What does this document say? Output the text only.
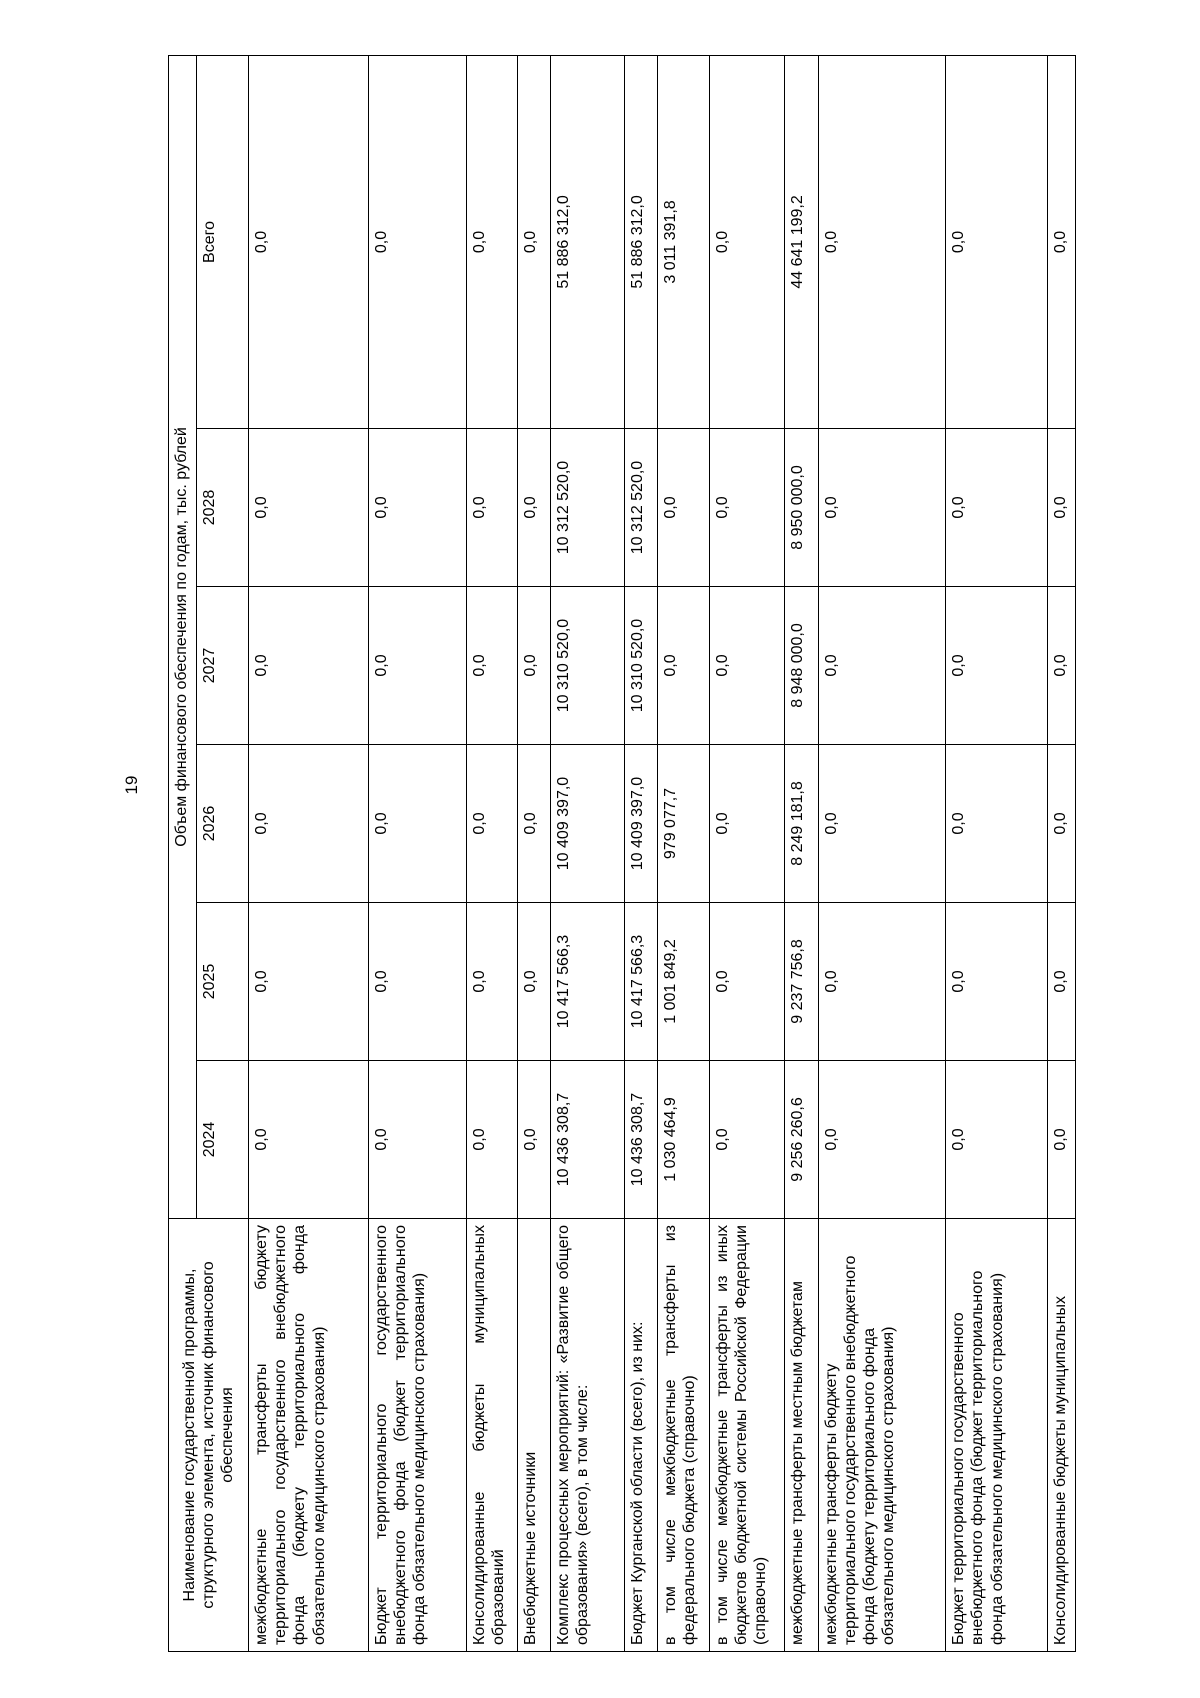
19
Наименование государственной программы, структурного элемента, источник финансового обеспечения	Объем финансового обеспечения по годам, тыс. рублей					
	2024	2025	2026	2027	2028	Всего
межбюджетные трансферты бюджету территориального государственного внебюджетного фонда (бюджету территориального фонда обязательного медицинского страхования)	0,0	0,0	0,0	0,0	0,0	0,0
Бюджет территориального государственного внебюджетного фонда (бюджет территориального фонда обязательного медицинского страхования)	0,0	0,0	0,0	0,0	0,0	0,0
Консолидированные бюджеты муниципальных образований	0,0	0,0	0,0	0,0	0,0	0,0
Внебюджетные источники	0,0	0,0	0,0	0,0	0,0	0,0
Комплекс процессных мероприятий: «Развитие общего образования» (всего), в том числе:	10 436 308,7	10 417 566,3	10 409 397,0	10 310 520,0	10 312 520,0	51 886 312,0
Бюджет Курганской области (всего), из них:	10 436 308,7	10 417 566,3	10 409 397,0	10 310 520,0	10 312 520,0	51 886 312,0
в том числе межбюджетные трансферты из федерального бюджета (справочно)	1 030 464,9	1 001 849,2	979 077,7	0,0	0,0	3 011 391,8
в том числе межбюджетные трансферты из иных бюджетов бюджетной системы Российской Федерации (справочно)	0,0	0,0	0,0	0,0	0,0	0,0
межбюджетные трансферты местным бюджетам	9 256 260,6	9 237 756,8	8 249 181,8	8 948 000,0	8 950 000,0	44 641 199,2
межбюджетные трансферты бюджету территориального государственного внебюджетного фонда (бюджету территориального фонда обязательного медицинского страхования)	0,0	0,0	0,0	0,0	0,0	0,0
Бюджет территориального государственного внебюджетного фонда (бюджет территориального фонда обязательного медицинского страхования)	0,0	0,0	0,0	0,0	0,0	0,0
Консолидированные бюджеты муниципальных	0,0	0,0	0,0	0,0	0,0	0,0
